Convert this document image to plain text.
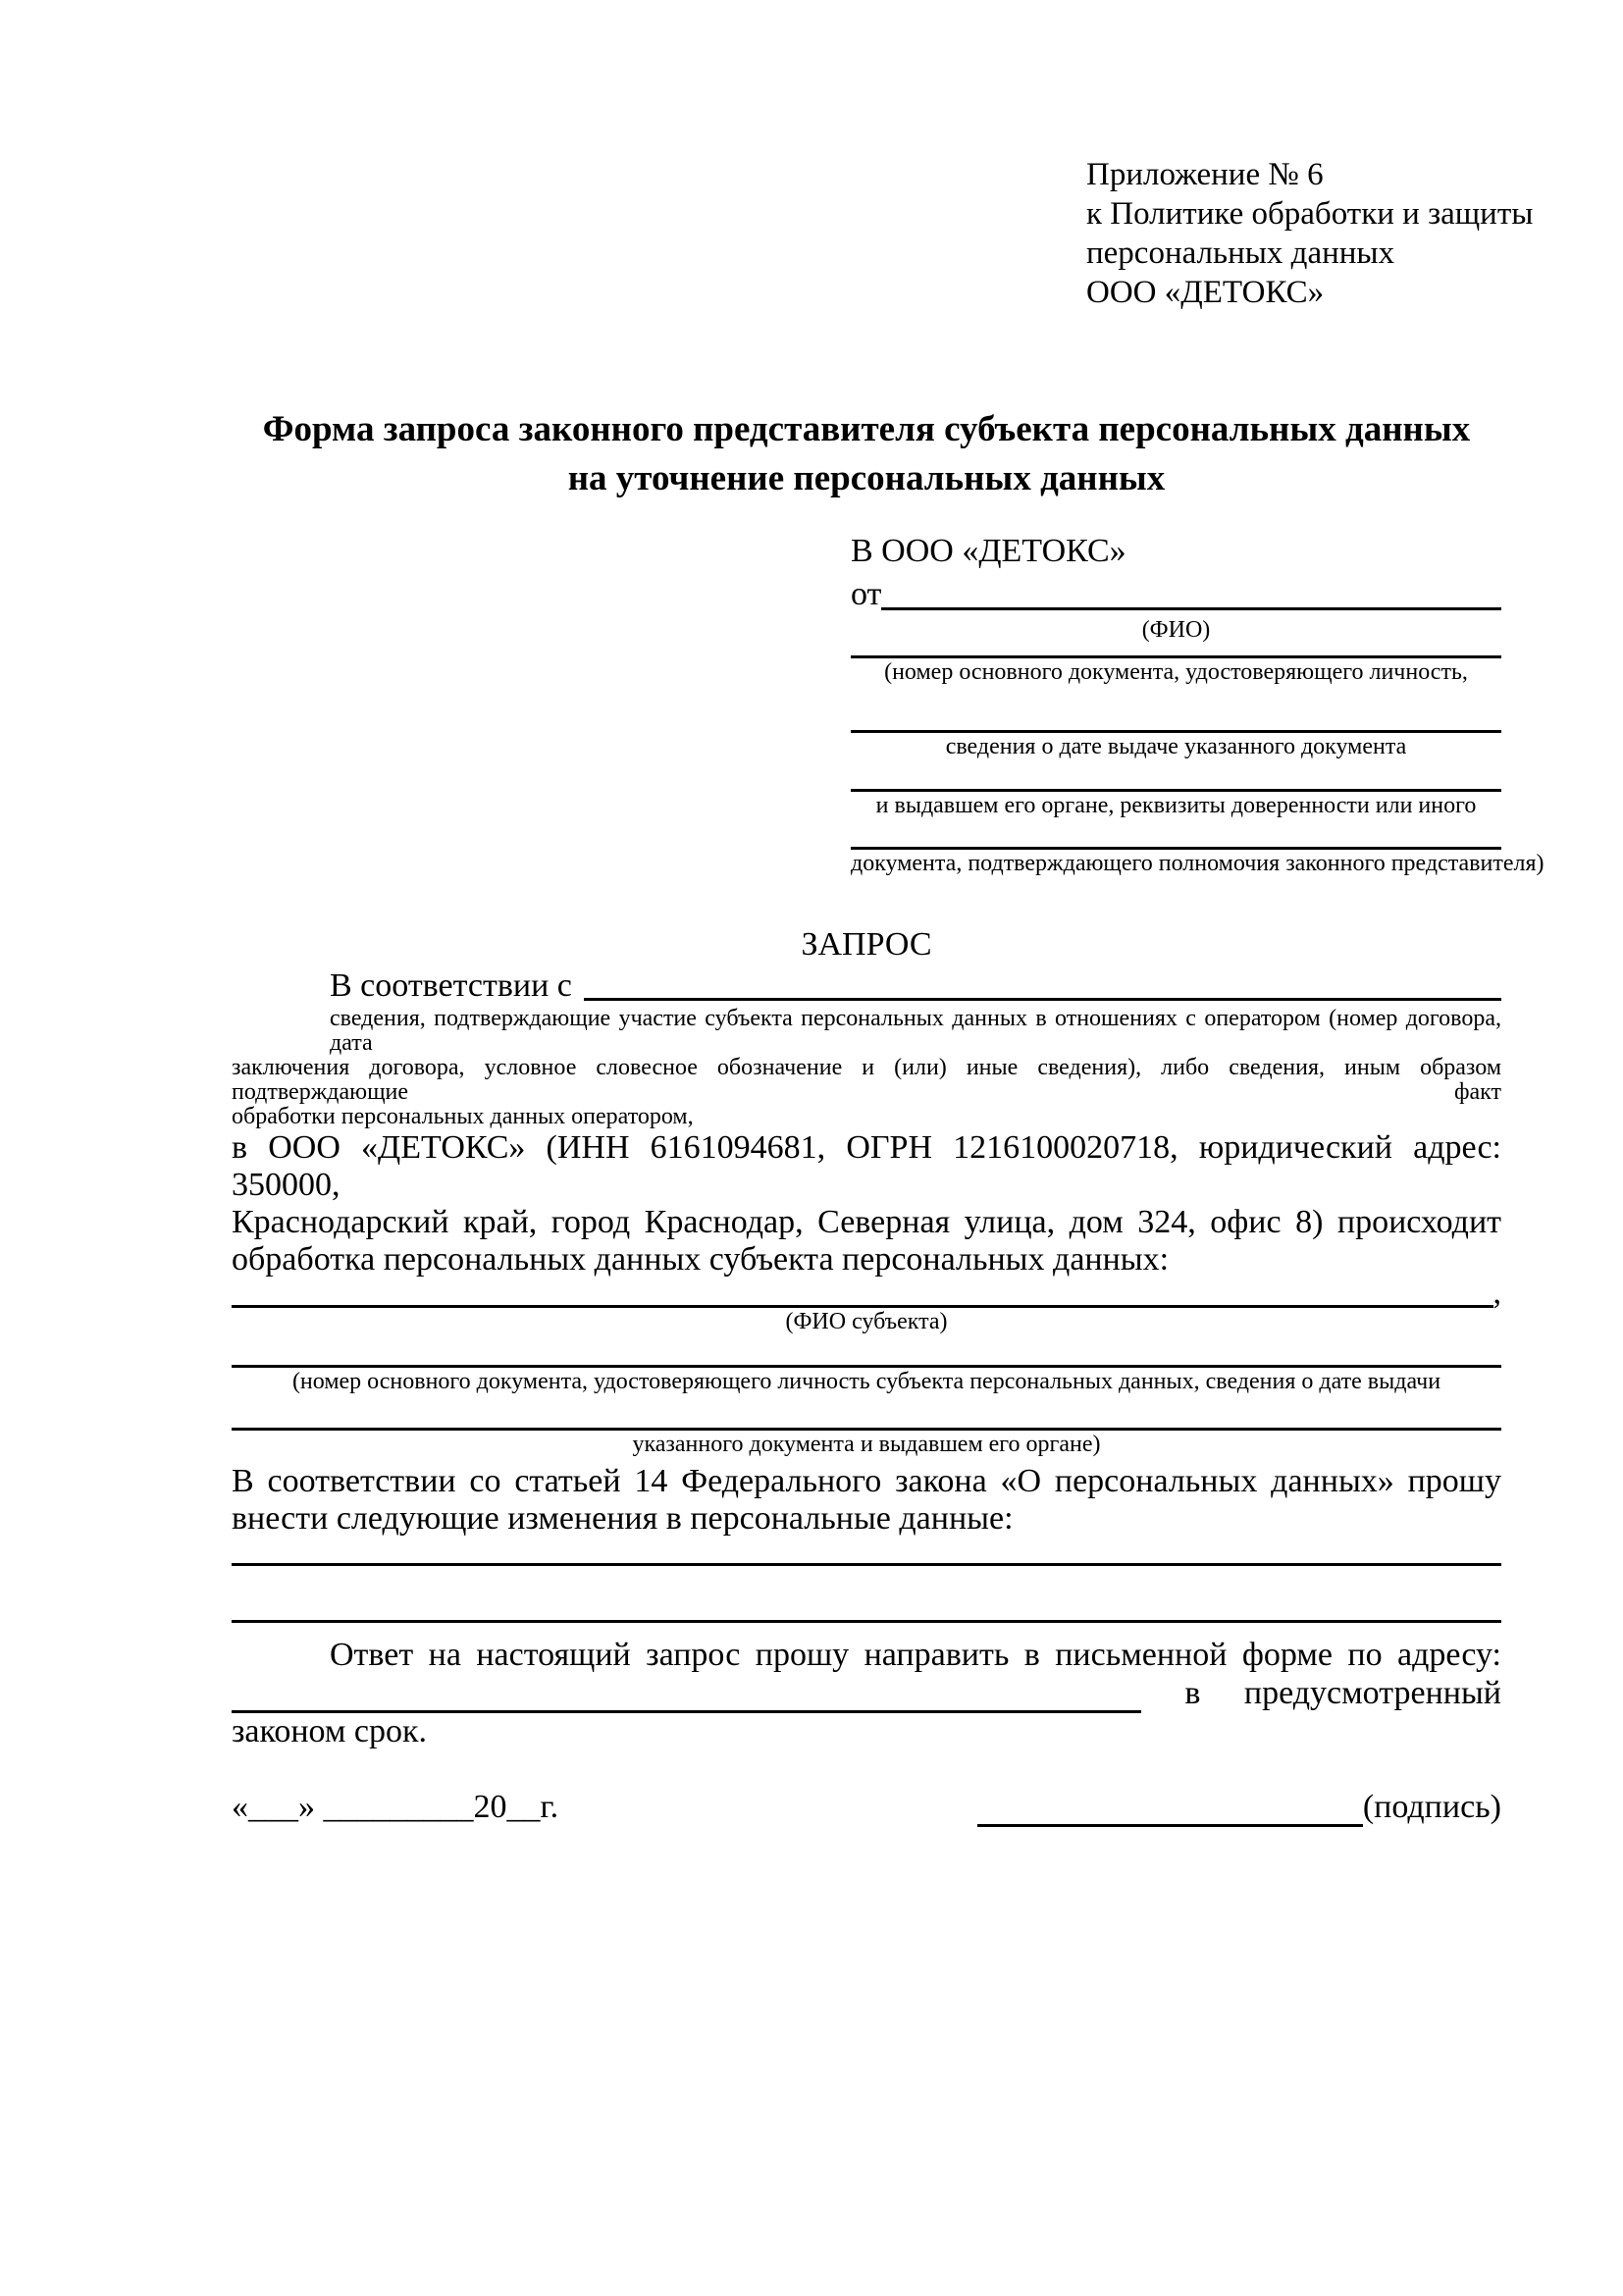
Приложение № 6
к Политике обработки и защиты
персональных данных
ООО «ДЕТОКС»
Форма запроса законного представителя субъекта персональных данных
на уточнение персональных данных
В ООО «ДЕТОКС»
от
(ФИО)
(номер основного документа, удостоверяющего личность,
сведения о дате выдаче указанного документа
и выдавшем его органе, реквизиты доверенности или иного
документа, подтверждающего полномочия законного представителя)
ЗАПРОС
В соответствии с
сведения, подтверждающие участие субъекта персональных данных в отношениях с оператором (номер договора, дата
заключения договора, условное словесное обозначение и (или) иные сведения), либо сведения, иным образом подтверждающие факт
обработки персональных данных оператором,
в ООО «ДЕТОКС» (ИНН 6161094681, ОГРН 1216100020718, юридический адрес: 350000,
Краснодарский край, город Краснодар, Северная улица, дом 324, офис 8) происходит
обработка персональных данных субъекта персональных данных:
,
(ФИО субъекта)
(номер основного документа, удостоверяющего личность субъекта персональных данных, сведения о дате выдачи
указанного документа и выдавшем его органе)
В соответствии со статьей 14 Федерального закона «О персональных данных» прошу
внести следующие изменения в персональные данные:
Ответ на настоящий запрос прошу направить в письменной форме по адресу:
в предусмотренный
законом срок.
«___» _________20__г.	(подпись)
